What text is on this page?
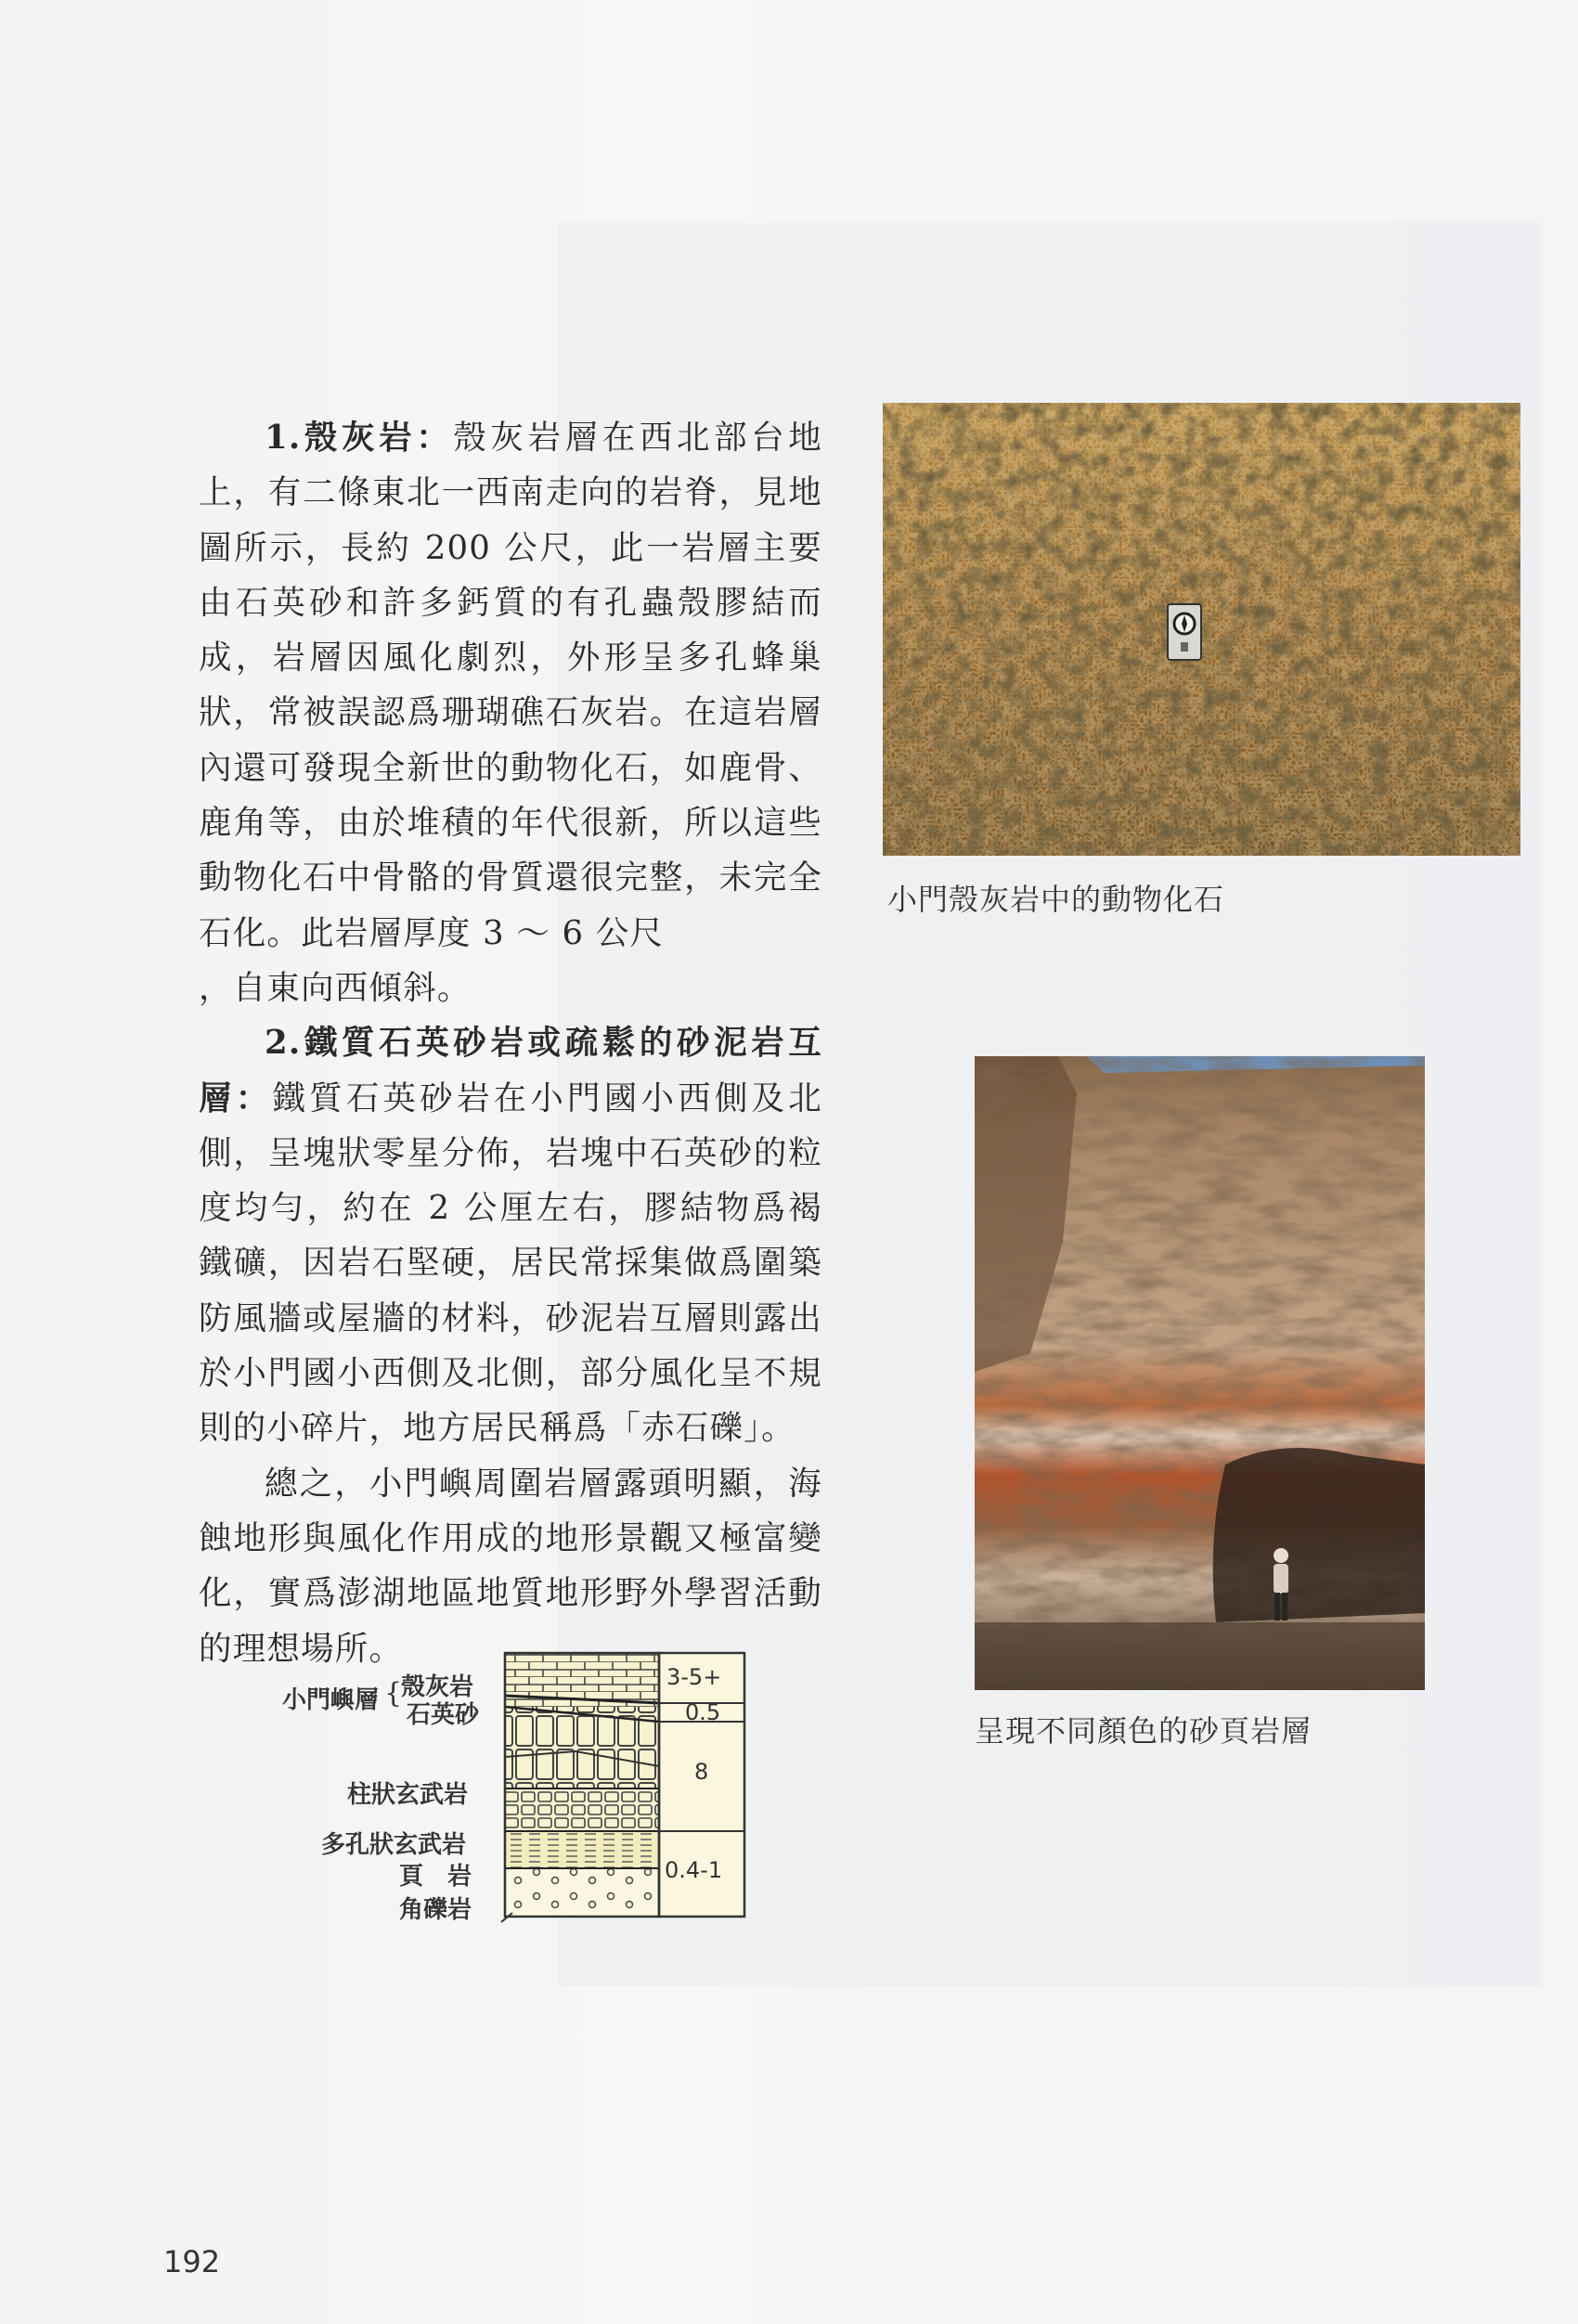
1.殼灰岩：殼灰岩層在西北部台地上，有二條東北一西南走向的岩脊，見地圖所示，長約 200 公尺，此一岩層主要由石英砂和許多鈣質的有孔蟲殼膠結而成，岩層因風化劇烈，外形呈多孔蜂巢狀，常被誤認爲珊瑚礁石灰岩。在這岩層內還可發現全新世的動物化石，如鹿骨、鹿角等，由於堆積的年代很新，所以這些動物化石中骨骼的骨質還很完整，未完全石化。此岩層厚度 3 ～ 6 公尺

，自東向西傾斜。

2.鐵質石英砂岩或疏鬆的砂泥岩互層：鐵質石英砂岩在小門國小西側及北側，呈塊狀零星分佈，岩塊中石英砂的粒度均勻，約在 2 公厘左右，膠結物爲褐鐵礦，因岩石堅硬，居民常採集做爲圍築防風牆或屋牆的材料，砂泥岩互層則露出於小門國小西側及北側，部分風化呈不規則的小碎片，地方居民稱爲「赤石礫」。

總之，小門嶼周圍岩層露頭明顯，海蝕地形與風化作用成的地形景觀又極富變化，實爲澎湖地區地質地形野外學習活動的理想場所。

小門殼灰岩中的動物化石
呈現不同顏色的砂頁岩層
小門嶼層 {
殼灰岩
石英砂
柱狀玄武岩
多孔狀玄武岩
頁　岩
角礫岩
3-5+
0.5
8
0.4-1
192
